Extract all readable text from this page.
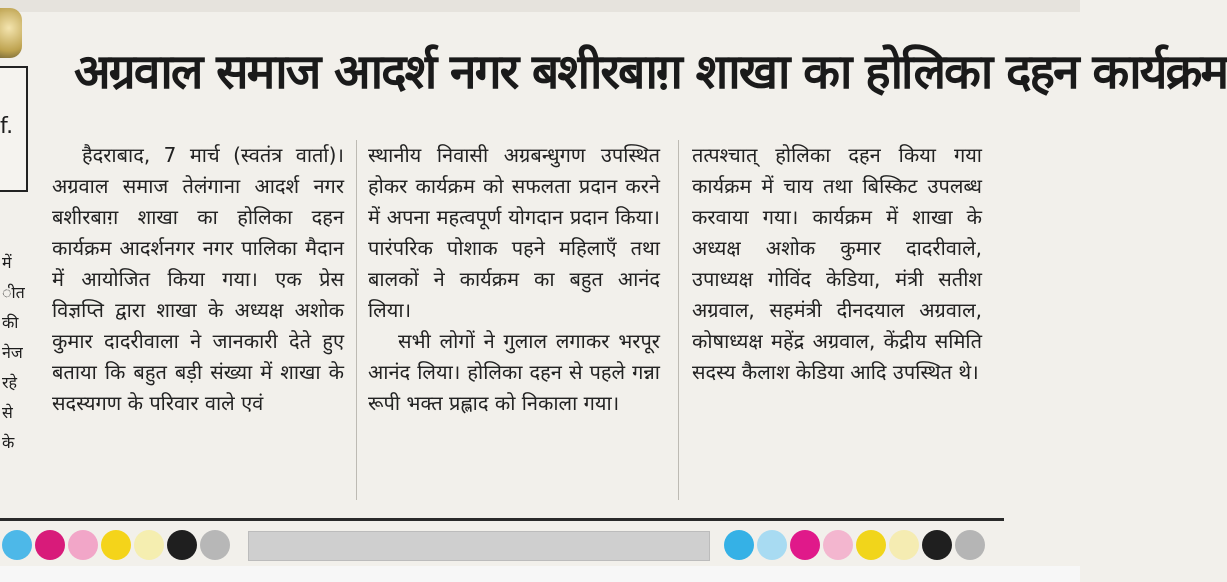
f.
में
ीत
की
नेज
रहे
से
के
अग्रवाल समाज आदर्श नगर बशीरबाग़ शाखा का होलिका दहन कार्यक्रम

हैदराबाद, 7 मार्च (स्वतंत्र वार्ता)। अग्रवाल समाज तेलंगाना आदर्श नगर बशीरबाग़ शाखा का होलिका दहन कार्यक्रम आदर्शनगर नगर पालिका मैदान में आयोजित किया गया। एक प्रेस विज्ञप्ति द्वारा शाखा के अध्यक्ष अशोक कुमार दादरीवाला ने जानकारी देते हुए बताया कि बहुत बड़ी संख्या में शाखा के सदस्यगण के परिवार वाले एवं

स्थानीय निवासी अग्रबन्धुगण उपस्थित होकर कार्यक्रम को सफलता प्रदान करने में अपना महत्वपूर्ण योगदान प्रदान किया। पारंपरिक पोशाक पहने महिलाएँ तथा बालकों ने कार्यक्रम का बहुत आनंद लिया।

सभी लोगों ने गुलाल लगाकर भरपूर आनंद लिया। होलिका दहन से पहले गन्ना रूपी भक्त प्रह्लाद को निकाला गया।

तत्पश्चात् होलिका दहन किया गया कार्यक्रम में चाय तथा बिस्किट उपलब्ध करवाया गया। कार्यक्रम में शाखा के अध्यक्ष अशोक कुमार दादरीवाले, उपाध्यक्ष गोविंद केडिया, मंत्री सतीश अग्रवाल, सहमंत्री दीनदयाल अग्रवाल, कोषाध्यक्ष महेंद्र अग्रवाल, केंद्रीय समिति सदस्य कैलाश केडिया आदि उपस्थित थे।
